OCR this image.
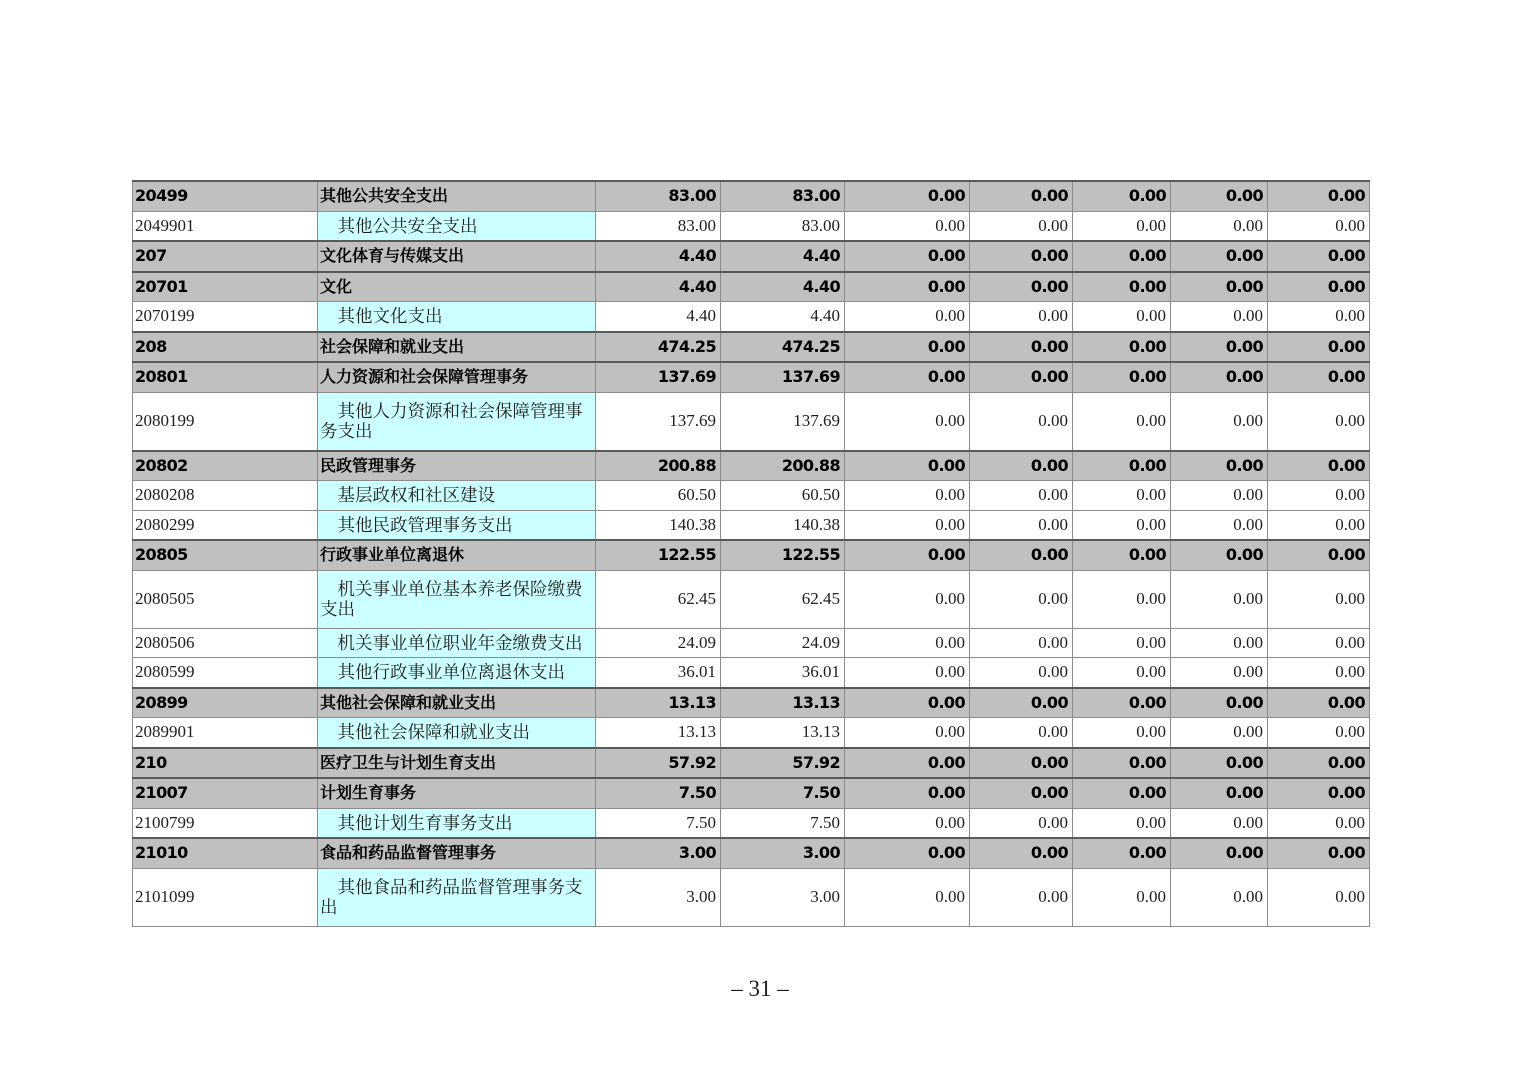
20499	其他公共安全支出	83.00	83.00	0.00	0.00	0.00	0.00	0.00
2049901	其他公共安全支出	83.00	83.00	0.00	0.00	0.00	0.00	0.00
207	文化体育与传媒支出	4.40	4.40	0.00	0.00	0.00	0.00	0.00
20701	文化	4.40	4.40	0.00	0.00	0.00	0.00	0.00
2070199	其他文化支出	4.40	4.40	0.00	0.00	0.00	0.00	0.00
208	社会保障和就业支出	474.25	474.25	0.00	0.00	0.00	0.00	0.00
20801	人力资源和社会保障管理事务	137.69	137.69	0.00	0.00	0.00	0.00	0.00
2080199	其他人力资源和社会保障管理事务支出	137.69	137.69	0.00	0.00	0.00	0.00	0.00
20802	民政管理事务	200.88	200.88	0.00	0.00	0.00	0.00	0.00
2080208	基层政权和社区建设	60.50	60.50	0.00	0.00	0.00	0.00	0.00
2080299	其他民政管理事务支出	140.38	140.38	0.00	0.00	0.00	0.00	0.00
20805	行政事业单位离退休	122.55	122.55	0.00	0.00	0.00	0.00	0.00
2080505	机关事业单位基本养老保险缴费支出	62.45	62.45	0.00	0.00	0.00	0.00	0.00
2080506	机关事业单位职业年金缴费支出	24.09	24.09	0.00	0.00	0.00	0.00	0.00
2080599	其他行政事业单位离退休支出	36.01	36.01	0.00	0.00	0.00	0.00	0.00
20899	其他社会保障和就业支出	13.13	13.13	0.00	0.00	0.00	0.00	0.00
2089901	其他社会保障和就业支出	13.13	13.13	0.00	0.00	0.00	0.00	0.00
210	医疗卫生与计划生育支出	57.92	57.92	0.00	0.00	0.00	0.00	0.00
21007	计划生育事务	7.50	7.50	0.00	0.00	0.00	0.00	0.00
2100799	其他计划生育事务支出	7.50	7.50	0.00	0.00	0.00	0.00	0.00
21010	食品和药品监督管理事务	3.00	3.00	0.00	0.00	0.00	0.00	0.00
2101099	其他食品和药品监督管理事务支出	3.00	3.00	0.00	0.00	0.00	0.00	0.00
– 31 –
